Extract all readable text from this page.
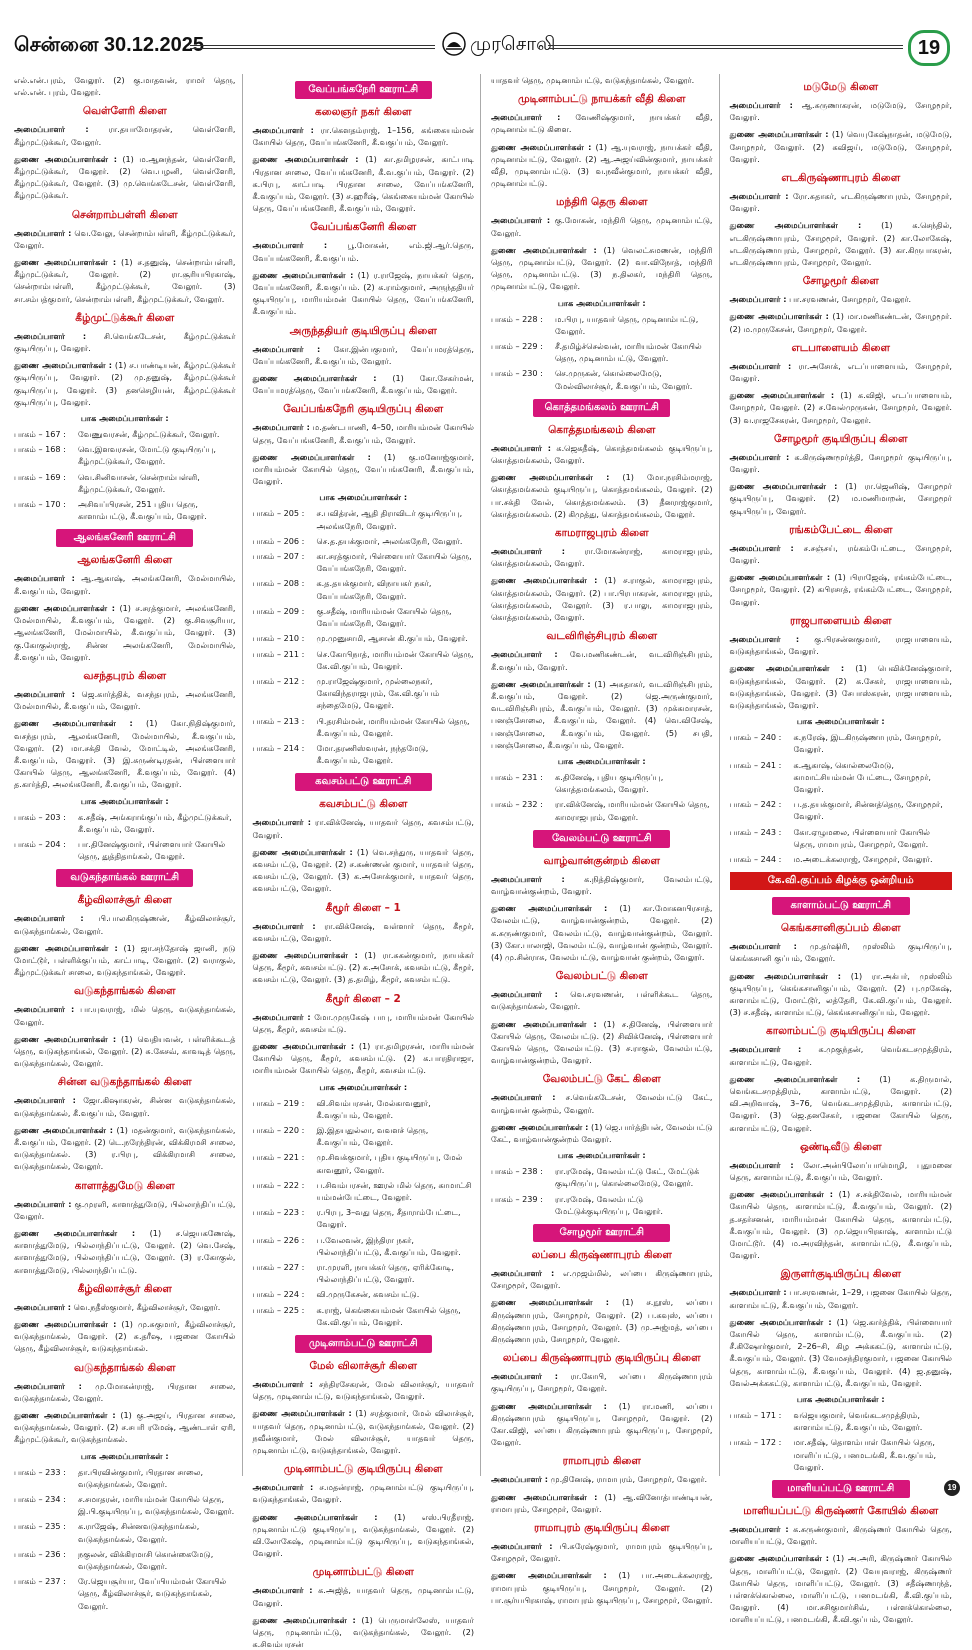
சென்னை 30.12.2025	முரசொலி	19

எல்.என்.புரம், வேலூர். (2) கு.மாதவன், ராமர் தெரு, எல்.என். புரம், வேலூர்.

வெள்ளேரி கிளை

அமைப்பாளர் : ரா.தயாமோதரன், வெள்ளேரி, கீழ்முட்டுக்கூர், வேலூர்.

துணை அமைப்பாளர்கள் : (1) ம.ஆனந்தன், வெள்ளேரி, கீழ்முட்டுக்கூர், வேலூர். (2) வெ.பழனி, வெள்ளேரி, கீழ்முட்டுக்கூர், வேலூர். (3) மு.வெங்கடேசன், வெள்ளேரி, கீழ்முட்டுக்கூர்.

சென்றாம்பள்ளி கிளை

அமைப்பாளர் : வெ.வேலு, சென்றாம்பள்ளி, கீழ்முட்டுக்கூர், வேலூர்.

துணை அமைப்பாளர்கள் : (1) ச.தனுஷ், சென்றாம்பள்ளி, கீழ்முட்டுக்கூர், வேலூர். (2) ரா.சூரியபிரகாஷ், சென்றாம்பள்ளி, கீழ்முட்டுக்கூர், வேலூர். (3) சா.சம்பத்குமார், சென்றாம்பள்ளி, கீழ்முட்டுக்கூர், வேலூர்.

கீழ்முட்டுக்கூர் கிளை

அமைப்பாளர் : சி.வெங்கடேசன், கீழ்முட்டுக்கூர் குடியிருப்பு, வேலூர்.

துணை அமைப்பாளர்கள் : (1) ச.பாண்டியன், கீழ்முட்டுக்கூர் குடியிருப்பு, வேலூர். (2) மு.தனுஷ், கீழ்முட்டுக்கூர் குடியிருப்பு, வேலூர். (3) தனசெழியன், கீழ்முட்டுக்கூர் குடியிருப்பு, வேலூர்.

பாக அமைப்பாளர்கள் :
பாகம் – 167 :	வேணுவரசன், கீழ்முட்டுக்கூர், வேலூர்.
பாகம் – 168 :	வெ.இளவரசன், மோட்டு குடியிருப்பு, கீழ்முட்டுக்கூர், வேலூர்.
பாகம் – 169 :	வெ.சினிவாசன், சென்றாம்பள்ளி, கீழ்முட்டுக்கூர், வேலூர்.
பாகம் – 170 :	அசிவப்பிரசன், 251 புதிய தெரு, காளாம்பட்டு, கீ.வகுப்பம், வேலூர்.
ஆலங்கனேரி ஊராட்சி
ஆலங்கனேரி கிளை

அமைப்பாளர் : ஆ.ஆகாஷ், அலங்கனேரி, மேல்மாயில், கீ.வகுப்பம், வேலூர்.

துணை அமைப்பாளர்கள் : (1) ச.சரத்குமார், அலங்கனேரி, மேல்மாயில், கீ.வகுப்பம், வேலூர். (2) கு.சிவசூரியா, ஆலங்கனேரி, மேல்மாயில், கீ.வகுப்பம், வேலூர். (3) கு.கோகுல்ராஜ், சின்ன அலங்கனேரி, மேல்மாயில், கீ.வகுப்பம், வேலூர்.

வசந்தபுரம் கிளை

அமைப்பாளர் : ஜெ.கார்த்திக், வசந்தபுரம், அலங்கனேரி, மேல்மாயில், கீ.வகுப்பம், வேலூர்.

துணை அமைப்பாளர்கள் : (1) கோ.நிதிஷ்குமார், வசந்தபுரம், ஆலங்கனேரி, மேல்மாயில், கீ.வகுப்பம், வேலூர். (2) மா.சக்தி வேல், மோட்டில், அலங்கனேரி, கீ.வகுப்பம், வேலூர். (3) இ.சுருண்டிரதன், பிள்ளையார் கோயில் தெரு, ஆலங்கனேரி, கீ.வகுப்பம், வேலூர். (4) த.கார்த்தி, அலங்கனேரி, கீ.வகுப்பம், வேலூர்.

பாக அமைப்பாளர்கள் :
பாகம் – 203 :	க.சதீஷ், அங்கராங்குப்பம், கீழ்முட்டுக்கூர், கீ.வகுப்பம், வேலூர்.
பாகம் – 204 :	பா.தினேஷ்குமார், பிள்ளையார் கோயில் தெரு, துத்திதாங்கல், வேலூர்.
வடுகந்தாங்கல் ஊராட்சி
கீழ்விலாச்சூர் கிளை

அமைப்பாளர் : பி.பாலகிருஷ்ணன், கீழ்விலாச்சூர், வடுகந்தாங்கல், வேலூர்.

துணை அமைப்பாளர்கள் : (1) ஜா.சந்தோஷ் ஜானி, நடு மோட்டூர், பள்ளிக்குப்பம், காட்பாடி, வேலூர். (2) வராகுல், கீழ்முட்டுக்கூர் சாலை, வடுகந்தாங்கல், வேலூர்.

வடுகந்தாங்கல் கிளை

அமைப்பாளர் : பா.யுவராஜ், மில் தெரு, வடுகந்தாங்கல், வேலூர்.

துணை அமைப்பாளர்கள் : (1) வெதியவன், பள்ளிக்கூடத் தெரு, வடுகந்தாங்கல், வேலூர். (2) சு.கேசவ், காவடித் தெரு, வடுகந்தாங்கல், வேலூர்.

சின்ன வடுகந்தாங்கல் கிளை

அமைப்பாளர் : ஜோ.கிஷாகரன், சின்ன வடுகந்தாங்கல், வடுகந்தாங்கல், கீ.வகுப்பம், வேலூர்.

துணை அமைப்பாளர்கள் : (1) மதன்குமார், வடுகந்தாங்கல், கீ.வகுப்பம், வேலூர். (2) டெ.நரேந்திரன், விக்கிரமசி சாலை, வடுகந்தாங்கல். (3) ர.பிரபு, விக்கிரமாசி சாலை, வடுகந்தாங்கல், வேலூர்.

காளாத்துமேடு கிளை

அமைப்பாளர் : கு.முரளி, காளாத்துமேடு, பில்லாந்திப்பட்டு, வேலூர்.

துணை அமைப்பாளர்கள் : (1) ச.ஜெயகணேஷ், காளாத்துமேடு, பில்லாந்திப்பட்டு, வேலூர். (2) வெ.சேஷ், காளாத்துமேடு, பில்லாந்திப்பட்டு, வேலூர். (3) ர.கோகுல், காளாத்துமேடு, பில்லாந்திப்பட்டு.

கீழ்விலாச்சூர் கிளை

அமைப்பாளர் : வெ.நதீஸ்குமார், கீழ்விலாச்சூர், வேலூர்.

துணை அமைப்பாளர்கள் : (1) மு.சுகுமார், கீழ்விலாச்சூர், வடுகந்தாங்கல், வேலூர். (2) சு.தரீஷ, பஜனை கோயில் தெரு, கீழ்விலாச்சூர், வடுகந்தாங்கல்.

வடுகந்தாங்கல் கிளை

அமைப்பாளர் : மு.மோகன்ராஜ், பிரதான சாலை, வடுகந்தாங்கல், வேலூர்.

துணை அமைப்பாளர்கள் : (1) கு.அஜய், பிரதான சாலை, வடுகந்தாங்கல், வேலூர். (2) ச.சபரி ரமேஷ், ஆண்டாள் ஏரி, கீழ்முட்டுக்கூர், வடுகந்தாங்கல்.

பாக அமைப்பாளர்கள் :
பாகம் – 233 :	தா.பிரவின்குமார், பிரதான சாலை, வடுகந்தாங்கல், வேலூர்.
பாகம் – 234 :	ச.சமாதரன், மாரியம்மன் கோயில் தெரு, இ.பி.குடியிருப்பு, வடுகந்தாங்கல், வேலூர்.
பாகம் – 235 :	க.ராஜேஷ், சின்னவடுகந்தாங்கல், வடுகந்தாங்கல், வேலூர்.
பாகம் – 236 :	நகுலன், விக்கிரமாசி கொன்கைமேடு, வடுகந்தாங்கல், வேலூர்.
பாகம் – 237 :	ரே.ஜெயசூர்யா, வேப்பியம்மன் கோயில் தெரு, கீழ்விலாச்சூர், வடுகந்தாங்கல், வேலூர்.
வேப்பங்கநேரி ஊராட்சி
கலைஞர் நகர் கிளை

அமைப்பாளர் : ரா.கௌதம்ராஜ், 1–156, கங்கையம்மன் கோயில் தெரு, வேப்பங்கனேரி, கீ.வகுப்பம், வேலூர்.

துணை அமைப்பாளர்கள் : (1) கா.தமிழரசன், காட்பாடி பிரதான சாலை, வேப்பங்கனேரி, கீ.வ.குப்பம், வேலூர். (2) க.பிரபு, காட்பாடி பிரதான சாலை, வேப்பங்கனேரி, கீ.வகுப்பம், வேலூர். (3) ச.ஹரீஷ், கெங்கையம்மன் கோயில் தெரு, வேப்பங்கனேரி, கீ.வகுப்பம், வேலூர்.

வேப்பங்கனேரி கிளை

அமைப்பாளர் : பூ.மோகன், எம்.ஜி.ஆர்.தெரு, வேப்பங்கனேரி, கீ.வகுப்பம்.

துணை அமைப்பாளர்கள் : (1) ர.ராஜேஷ், நாயக்கர் தெரு, வேப்பங்கனேரி, கீ.வகுப்பம். (2) க.ராம்குமார், அருந்ததியர் குடியிருப்பு, மாரியம்மன் கோயில் தெரு, வேப்பங்கனேரி, கீ.வகுப்பம்.

அருந்ததியர் குடியிருப்பு கிளை

அமைப்பாளர் : கோ.இன்பகுமார், வேப்பமரத்தெரு, வேப்பங்கனேரி, கீ.வகுப்பம், வேலூர்.

துணை அமைப்பாளர்கள் : (1) கோ.சேகர்மன், வேப்பமரத்தெரு, வேப்பங்கனேரி, கீ.வகுப்பம், வேலூர்.

வேப்பங்கநேரி குடியிருப்பு கிளை

அமைப்பாளர் : ம.தண்டபாணி, 4–50, மாரியம்மன் கோயில் தெரு, வேப்பங்கனேரி, கீ.வகுப்பம், வேலூர்.

துணை அமைப்பாளர்கள் : (1) கு.மனோஜ்குமார், மாரியம்மன் கோயில் தெரு, வேப்பங்கனேரி, கீ.வகுப்பம், வேலூர்.

பாக அமைப்பாளர்கள் :
பாகம் – 205 :	ச.பவித்ரன், ஆதி திராவிடர் குடியிருப்பு, அலங்கநேரி, வேலூர்.
பாகம் – 206 :	செ.த.தயக்குமார், அலங்கநேரி, வேலூர்.
பாகம் – 207 :	கா.சரத்குமார், பிள்ளையார் கோயில் தெரு, வேப்பங்கநேரி, வேலூர்.
பாகம் – 208 :	க.த.தயக்குமார், விநாயகர் நகர், வேப்பங்கநேரி, வேலூர்.
பாகம் – 209 :	கு.சதீஷ், மாரியம்மன் கோயில் தெரு, வேப்பங்கநேரி, வேலூர்.
பாகம் – 210 :	மு.முனுசாமி, ஆசான் கி.குப்பம், வேலூர்.
பாகம் – 211 :	செ.கோபிநாத், மாரியம்மன் கோயில் தெரு, கே.வி.குப்பம், வேலூர்.
பாகம் – 212 :	மு.ராஜேஷ்குமார், முல்லைநகர், கோவிந்தராஜபுரம், கே.வி.குப்பம் சந்தைமேடு, வேலூர்.
பாகம் – 213 :	பி.தரசிம்மன், மாரியம்மன் கோயில் தெரு, கீ.வகுப்பம், வேலூர்.
பாகம் – 214 :	மோ.தரணிஸ்வரன், நந்தமேடு, கீ.வகுப்பம், வேலூர்.
கவசம்பட்டு ஊராட்சி
கவசம்பட்டு கிளை

அமைப்பாளர் : ரா.விக்னேஷ், யாதவர் தெரு, கவசம்பட்டு, வேலூர்.

துணை அமைப்பாளர்கள் : (1) வெ.சந்துரு, யாதவர் தெரு, கவசம்பட்டு, வேலூர். (2) ச.கண்ணன் குமார், யாதவர் தெரு, கவசம்பட்டு, வேலூர். (3) க.அசோக்குமார், யாதவர் தெரு, கவசம்பட்டு, வேலூர்.

கீழூர் கிளை – 1

அமைப்பாளர் : ரா.விக்னேஷ், வள்ளார் தெரு, கீழூர், கவசம்பட்டு, வேலூர்.

துணை அமைப்பாளர்கள் : (1) ரா.சுகன்குமார், நாயக்கர் தெரு, கீழூர், கவசம்பட்டு. (2) க.அசோக், கவசம்பட்டு, கீழூர், கவசம்பட்டு, வேலூர். (3) த.தமிழ், கீழூர், கவசம்பட்டு.

கீழூர் கிளை – 2

அமைப்பாளர் : மோ.முருகேஷ் பாபு, மாரியம்மன் கோயில் தெரு, கீழூர், கவசம்பட்டு.

துணை அமைப்பாளர்கள் : (1) ரா.தமிழரசன், மாரியம்மன் கோயில் தெரு, கீழூர், கவசம்பட்டு. (2) க.பாரதிராஜா, மாரியம்மன் கோயில் தெரு, கீழூர், கவசம்பட்டு.

பாக அமைப்பாளர்கள் :
பாகம் – 219 :	வி.சிவம்பரசன், மேல்காவனூர், கீ.வகுப்பம், வேலூர்.
பாகம் – 220 :	இ.இதயதுல்லா, வவளச் தெரு, கீ.வகுப்பம், வேலூர்.
பாகம் – 221 :	மு.சிவக்குமார், புதிய குடியிருப்பு, மேல் காவனூர், வேலூர்.
பாகம் – 222 :	ப.சிவம்பரசன், ஊரல் மில் தெரு, காமாட்சி யம்மன்பேட்டை, வேலூர்.
பாகம் – 223 :	ர.பிரபு, 3–வது தெரு, சீதாராம்பேட்டை, வேலூர்.
பாகம் – 226 :	ப.வேலவன், இந்திரா நகர், பில்லாந்திப்பட்டு, கீ.வகுப்பம், வேலூர்.
பாகம் – 227 :	ரா.முரளி, நாயக்கர் தெரு, ஏரிக்கோடி, பில்லாந்திப்பட்டு, வேலூர்.
பாகம் – 224 :	வி.முருகேசன், கவசம்பட்டு.
பாகம் – 225 :	க.ராஜ், கெங்கையம்மன் கோயில் தெரு, கே.வி.குப்பம், வேலூர்.
முடினாம்பட்டு ஊராட்சி
மேல் விலாச்சூர் கிளை

அமைப்பாளர் : சந்திரசேகரன், மேல் விலாச்சூர், யாதவர் தெரு, முடினாம்பட்டு, வடுகந்தாங்கல், வேலூர்.

துணை அமைப்பாளர்கள் : (1) சரத்குமார், மேல் விலாச்சூர், யாதவர் தெரு, முடினாம்பட்டு, வடுகந்தாங்கல், வேலூர். (2) நவீன்குமார், மேல் விலாச்சூர், யாதவர் தெரு, முடினாம்பட்டு, வடுகந்தாங்கல், வேலூர்.

முடினாம்பட்டு குடியிருப்பு கிளை

அமைப்பாளர் : ச.மதன்ராஜ், முடினாம்பட்டு குடியிருப்பு, வடுகந்தாங்கல், வேலூர்.

துணை அமைப்பாளர்கள் : (1) எஸ்.பிரதீராஜ், முடினாம்பட்டு குடியிருப்பு, வடுகந்தாங்கல், வேலூர். (2) வி.லோகேஷ், முடினாம்பட்டு குடியிருப்பு, வடுகந்தாங்கல், வேலூர்.

முடினாம்பட்டு கிளை

அமைப்பாளர் : க.அஜித், யாதவர் தெரு, முடினாம்பட்டு, வேலூர்.

துணை அமைப்பாளர்கள் : (1) பெருமாள்லேஸ், யாதவர் தெரு, முடினாம்பட்டு, வடுகந்தாங்கல், வேலூர். (2) க.சிவம்பரசன்

யாதவர் தெரு, முடினாம்பட்டு, வடுகந்தாங்கல், வேலூர்.

முடினாம்பட்டு நாயக்கர் வீதி கிளை

அமைப்பாளர் : வேணிஷ்குமார், நாயக்கர் வீதி, முடினாம்பட்டு கிளை.

துணை அமைப்பாளர்கள் : (1) ஆ.யுவராஜ், நாயக்கர் வீதி, முடினாம்பட்டு, வேலூர். (2) ஆ.அஜய்வின்குமார், நாயக்கர் வீதி, முடினாம்பட்டு. (3) வ.நவீன்குமார், நாயக்கர் வீதி, முடினாம்பட்டு.

மந்திரி தெரு கிளை

அமைப்பாளர் : கு.மோகன், மந்திரி தெரு, முடினாம்பட்டு, வேலூர்.

துணை அமைப்பாளர்கள் : (1) வெலட்சுமணன், மந்திரி தெரு, முடினாம்பட்டு, வேலூர். (2) வா.விநோத், மந்திரி தெரு, முடினாம்பட்டு. (3) ந.திலகர், மந்திரி தெரு, முடினாம்பட்டு, வேலூர்.

பாக அமைப்பாளர்கள் :
பாகம் – 228 :	ம.பிரபு, யாதவர் தெரு, முடினாம்பட்டு, வேலூர்.
பாகம் – 229 :	சீ.தமிழ்ச்செல்வன், மாரியம்மன் கோயில் தெரு, முடினாம்பட்டு, வேலூர்.
பாகம் – 230 :	செ.முருகன், கொல்லைமேடு, மேல்விலாச்சூர், கீ.வகுப்பம், வேலூர்.
கொத்தமங்கலம் ஊராட்சி
கொத்தமங்கலம் கிளை

அமைப்பாளர் : க.ஜெகதீஷ், கொத்தமங்கலம் குடியிருப்பு, கொத்தமங்கலம், வேலூர்.

துணை அமைப்பாளர்கள் : (1) மோ.நரசிம்மராஜ், கொத்தமங்கலம் குடியிருப்பு, கொத்தமங்கலம், வேலூர். (2) பா.சக்தி வேல், கொத்தமங்கலம். (3) தீனராஜ்குமார், கொத்தமங்கலம். (2) கிமுத்து, கொத்தமங்கலம், வேலூர்.

காமராஜபுரம் கிளை

அமைப்பாளர் : ரா.மோகன்ராஜ், காமராஜபுரம், கொத்தமங்கலம், வேலூர்.

துணை அமைப்பாளர்கள் : (1) ச.ராகுல், காமராஜபுரம், கொத்தமங்கலம், வேலூர். (2) பா.பிரபாகரன், காமராஜபுரம், கொத்தமங்கலம், வேலூர். (3) ர.பாலு, காமராஜபுரம், கொத்தமங்கலம், வேலூர்.

வடவிரிஞ்சிபுரம் கிளை

அமைப்பாளர் : வே.மணிகண்டன், வடவிரிஞ்சிபுரம், கீ.வகுப்பம், வேலூர்.

துணை அமைப்பாளர்கள் : (1) அசுதாகர், வடவிரிஞ்சிபுரம், கீ.வகுப்பம், வேலூர். (2) ஜெ.அருண்குமார், வடவிரிஞ்சிபுரம், கீ.வகுப்பம், வேலூர். (3) முக்கமாரசன், பனஞ்சோலை, கீ.வகுப்பம், வேலூர். (4) வெ.விசேஷ், பனஞ்சோலை, கீ.வகுப்பம், வேலூர். (5) சபதி, பனஞ்சோலை, கீ.வகுப்பம், வேலூர்.

பாக அமைப்பாளர்கள் :
பாகம் – 231 :	க.தினேஷ், புதிய குடியிருப்பு, கொத்தமங்கலம், வேலூர்.
பாகம் – 232 :	ரா.விக்னேஷ், மாரியம்மன் கோயில் தெரு, காமராஜபுரம், வேலூர்.
வேலம்பட்டு ஊராட்சி
வாழ்வான்குன்றம் கிளை

அமைப்பாளர் : க.நித்திஷ்குமார், வேலம்பட்டு, வாழ்வான்குன்றம், வேலூர்.

துணை அமைப்பாளர்கள் : (1) கா.மோகனபிரசாத், வேலம்பட்டு, வாழ்வான்குன்றம், வேலூர். (2) க.சுருண்குமார், வேலம்பட்டு, வாழ்வான்குன்றம், வேலூர். (3) கோ.பாலாஜி, வேலம்பட்டு, வாழ்வான் குன்றம், வேலூர். (4) மு.சின்ராசு, வேலம்பட்டு, வாழ்வான் குன்றம், வேலூர்.

வேலம்பட்டு கிளை

அமைப்பாளர் : வெ.சரவணன், பள்ளிக்கூட தெரு, வடுகந்தாங்கல், வேலூர்.

துணை அமைப்பாளர்கள் : (1) ச.தினேஷ், பிள்ளையார் கோயில் தெரு, வேலம்பட்டு. (2) சிவிக்னேஷ், பிள்ளையார் கோயில் தெரு, வேலம்பட்டு. (3) ச.ராகுல், வேலம்பட்டு, வாழ்வான்குன்றம், வேலூர்.

வேலம்பட்டு கேட் கிளை

அமைப்பாளர் : ச.வெங்கடேசன், வேலம்பட்டு கேட், வாழ்வான் குன்றம், வேலூர்.

துணை அமைப்பாளர்கள் : (1) ஜெ.பார்த்திபன், வேலம்பட்டு கேட், வாழ்வான்குன்றம் வேலூர்.

பாக அமைப்பாளர்கள் :
பாகம் – 238 :	ரா.ரமேஷ், வேலம்பட்டு கேட், மேட்டுக் குடியிருப்பு, கொல்லைமேடு, வேலூர்.
பாகம் – 239 :	ரா.ரமேஷ், வேலம்பட்டு மேட்டுக்குடியிருப்பு, வேலூர்.
சோழமூர் ஊராட்சி
லப்பை கிருஷ்ணாபுரம் கிளை

அமைப்பாளர் : எ.முஜம்மில், லப்பை கிருஷ்ணாபுரம், சோழமூர், வேலூர்.

துணை அமைப்பாளர்கள் : (1) ச.நூஸ், லப்பை கிருஷ்ணாபுரம், சோழமூர், வேலூர். (2) ப.கவுஸ், லப்பை கிருஷ்ணாபுரம், சோழமூர், வேலூர். (3) மு.அஜ்மத், லப்பை கிருஷ்ணாபுரம், சோழமூர், வேலூர்.

லப்பை கிருஷ்ணாபுரம் குடியிருப்பு கிளை

அமைப்பாளர் : ரா.கோபி, லப்பை கிருஷ்ணாபுரம் குடியிருப்பு, சோழமூர், வேலூர்.

துணை அமைப்பாளர்கள் : (1) ரா.மணி, லப்பை கிருஷ்ணாபுரம் குடியிருப்பு, சோழமூர், வேலூர். (2) கோ.விஜி, லப்பை கிருஷ்ணாபுரம் குடியிருப்பு, சோழமூர், வேலூர்.

ராமாபுரம் கிளை

அமைப்பாளர் : மு.தினேஷ், ராமாபுரம், சோழமூர், வேலூர்.

துணை அமைப்பாளர்கள் : (1) ஆ.வினோத்பாண்டியன், ராமாபுரம், சோழமூர், வேலூர்.

ராமாபுரம் குடியிருப்பு கிளை

அமைப்பாளர் : பி.சுரேஷ்குமார், ராமாபுரம் குடியிருப்பு, சோழமூர், வேலூர்.

துணை அமைப்பாளர்கள் : (1) பா.அடைக்கலராஜ், ராமாபுரம் குடியிருப்பு, சோழமூர், வேலூர். (2) பா.சூர்யபிரகாஷ், ராமாபுரம் குடியிருப்பு, சோழமூர், வேலூர்.

மடுமேடு கிளை

அமைப்பாளர் : ஆ.சுருணாகரன், மடுமேடு, சோழமூர், வேலூர்.

துணை அமைப்பாளர்கள் : (1) வெயுகேஷ்நாதன், மடுமேடு, சோழமூர், வேலூர். (2) கவிஜய், மடுமேடு, சோழமூர், வேலூர்.

எடகிருஷ்ணாபுரம் கிளை

அமைப்பாளர் : ரோ.சுதாகர், எடகிருஷ்ணாபுரம், சோழமூர், வேலூர்.

துணை அமைப்பாளர்கள் : (1) க.செந்தில், எடகிருஷ்ணாபுரம், சோழமூர், வேலூர். (2) கா.லோகேஷ், எடகிருஷ்ணாபுரம், சோழமூர், வேலூர். (3) கா.கிருபாகரன், எடகிருஷ்ணாபுரம், சோழமூர், வேலூர்.

சோழமூர் கிளை

அமைப்பாளர் : பா.சரவணன், சோழமூர், வேலூர்.

துணை அமைப்பாளர்கள் : (1) மா.மணிகண்டன், சோழமூர். (2) ம.முருகேசன், சோழமூர், வேலூர்.

எடபாளையம் கிளை

அமைப்பாளர் : ரா.அசோக், எடப்பாளையம், சோழமூர், வேலூர்.

துணை அமைப்பாளர்கள் : (1) க.விஜி, எடப்பாளையம், சோழமூர், வேலூர். (2) ச.வேல்முருகன், சோழமூர், வேலூர். (3) வ.ராஜசேகரன், சோழமூர், வேலூர்.

சோழமூர் குடியிருப்பு கிளை

அமைப்பாளர் : க.கிருஷ்ணமூர்த்தி, சோழமூர் குடியிருப்பு, வேலூர்.

துணை அமைப்பாளர்கள் : (1) ரா.ஜெனிஷ், சோழமூர் குடியிருப்பு, வேலூர். (2) ம.மணிமாறன், சோழமூர் குடியிருப்பு, வேலூர்.

ரங்கம்பேட்டை கிளை

அமைப்பாளர் : ச.சஞ்சய், ரங்கம்பேட்டை, சோழமூர், வேலூர்.

துணை அமைப்பாளர்கள் : (1) பிராஜேஷ், ரங்கம்பேட்டை, சோழமூர், வேலூர். (2) கபிரசாத், ரங்கம்பேட்டை, சோழமூர், வேலூர்.

ராஜபாளையம் கிளை

அமைப்பாளர் : கு.பிரசன்னகுமார், ராஜபாளையம், வடுகந்தாங்கல், வேலூர்.

துணை அமைப்பாளர்கள் : (1) பெவிக்னேஷ்குமார், வடுகந்தாங்கல், வேலூர். (2) க.சேகர், ராஜபாளையம், வடுகந்தாங்கல், வேலூர். (3) சேபாஸ்கரன், ராஜபாளையம், வடுகந்தாங்கல், வேலூர்.

பாக அமைப்பாளர்கள் :
பாகம் – 240 :	க.நரேஷ், இடகிருஷ்ணாபுரம், சோழமூர், வேலூர்.
பாகம் – 241 :	க.ஆகாஷ், கொல்லைமேடு, காமாட்சியம்மன் பேட்டை, சோழமூர், வேலூர்.
பாகம் – 242 :	ப.த.தயக்குமார், சின்னத்தெரு, சோழமூர், வேலூர்.
பாகம் – 243 :	கோ.ஏழுமலை, பிள்ளையார் கோயில் தெரு, ராமாபுரம், சோழமூர், வேலூர்.
பாகம் – 244 :	ம.அடைக்கலராஜ், சோழமூர், வேலூர்.
கே.வி.குப்பம் கிழக்கு ஒன்றியம்
காளாம்பட்டு ஊராட்சி
கெங்கசானிகுப்பம் கிளை

அமைப்பாளர் : மு.தர்ஷிரி, முஸ்லிம் குடியிருப்பு, கெங்கசானி குப்பம், வேலூர்.

துணை அமைப்பாளர்கள் : (1) ரா.அக்பர், முஸ்லிம் குடியிருப்பு, கெங்கசானிகுப்பம், வேலூர். (2) பு.முகேஷ், காளாம்பட்டு, மோட்டூர், லத்தேரி, கே.வி.குப்பம், வேலூர். (3) ச.சதீஷ், காளாம்பட்டு, கெங்கசானிகுப்பம், வேலூர்.

காலாம்பட்டு குடியிருப்பு கிளை

அமைப்பாளர் : க.முகுந்தன், வெங்கடசமுத்திரம், காளாம்பட்டு, வேலூர்.

துணை அமைப்பாளர்கள் : (1) க.திருமால், வெங்கடசமுத்திரம், காளாம்பட்டு, வேலூர். (2) வி.அறிவாஷ், 3–76, வெங்கடசமுத்திரம், காளாம்பட்டு, வேலூர். (3) ஜெ.தனசேகர், பஜனை கோயில் தெரு, காளாம்பட்டு, வேலூர்.

ஒண்டிவீடு கிளை

அமைப்பாளர் : லோ.அன்பிலோப்பாமொழி, புதுமனை தெரு, காளாம்பட்டு, கீ.வகுப்பம், வேலூர்.

துணை அமைப்பாளர்கள் : (1) ச.சக்திவேல், மாரியம்மன் கோயில் தெரு, காளாம்பட்டு, கீ.வகுப்பம், வேலூர். (2) த.சதர்சனன், மாரியம்மன் கோயில் தெரு, காளாம்பட்டு, கீ.வகுப்பம், வேலூர். (3) மு.ஜெயபிரகாஷ், காளாம்பட்டு மோட்டூர். (4) ம.அரவிந்தன், காளாம்பட்டு, கீ.வகுப்பம், வேலூர்.

இருளர்குடியிருப்பு கிளை

அமைப்பாளர் : பா.சரவணன், 1–29, பஜனை கோயில் தெரு, காளாம்பட்டு, கீ.வகுப்பம், வேலூர்.

துணை அமைப்பாளர்கள் : (1) ஜெ.கார்த்திக், பிள்ளையார் கோயில் தெரு, காளாம்பட்டு, கீ.வகுப்பம். (2) சீ.கிஷோர்குமார், 2–26–சி, கிழ அக்ககட்டு, காளாம்பட்டு, கீ.வகுப்பம், வேலூர். (3) வேமசந்திரகுமார், பஜனை கோயில் தெரு, காளாம்பட்டு, கீ.வகுப்பம், வேலூர். (4) ஜ.தனுஷ், வேல்அக்ககட்டு, காளாம்பட்டு, கீ.வகுப்பம், வேலூர்.

பாக அமைப்பாளர்கள் :
பாகம் – 171 :	வஜெயகுமார், வெங்கடசமுத்திரம், காளாம்பட்டு, கீ.வகுப்பம், வேலூர்.
பாகம் – 172 :	மா.சதீஷ், தொளம்பாள் கோயில் தெரு, மாளிப்பட்டு, பனமடங்கி, கீ.வ.குப்பம், வேலூர்.
மாளியப்பட்டு ஊராட்சி
மாளியப்பட்டு கிருஷ்ணர் கோயில் கிளை

அமைப்பாளர் : க.சுருண்குமார், கிருஷ்ணர் கோயில் தெரு, மாளியப்பட்டு, வேலூர்.

துணை அமைப்பாளர்கள் : (1) அ.அரி, கிருஷ்ணர் கோயில் தெரு, மாளிப்பட்டு, வேலூர். (2) வேயுவராஜ், கிருஷ்ணர் கோயில் தெரு, மாளிப்பட்டு, வேலூர். (3) சதீஷ்ணாந்த், பள்ளக்கொல்லை, மாளிப்பட்டு, பனமடங்கி, கீ.வி.குப்பம், வேலூர். (4) மா.சசிகுமார்சிவ், பள்ளக்கொல்லை, மாளியப்பட்டு, பனமடங்கி, கீ.வி.குப்பம், வேலூர்.

19
